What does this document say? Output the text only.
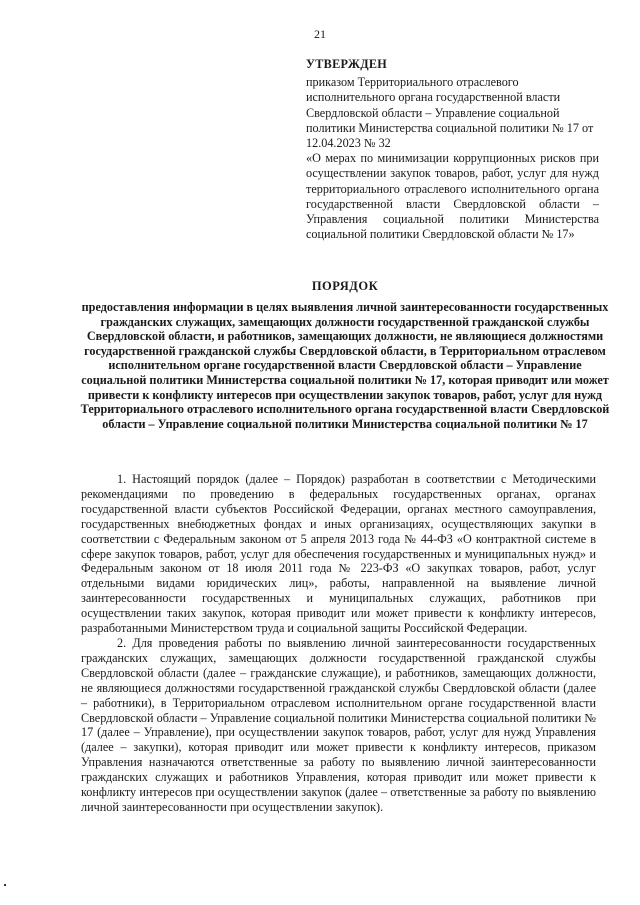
21
УТВЕРЖДЕН
приказом Территориального отраслевого исполнительного органа государственной власти Свердловской области – Управление социальной политики Министерства социальной политики № 17 от 12.04.2023 № 32
«О мерах по минимизации коррупционных рисков при осуществлении закупок товаров, работ, услуг для нужд территориального отраслевого исполнительного органа государственной власти Свердловской области – Управления социальной политики Министерства социальной политики Свердловской области № 17»
ПОРЯДОК
предоставления информации в целях выявления личной заинтересованности государственных гражданских служащих, замещающих должности государственной гражданской службы Свердловской области, и работников, замещающих должности, не являющиеся должностями государственной гражданской службы Свердловской области, в Территориальном отраслевом исполнительном органе государственной власти Свердловской области – Управление социальной политики Министерства социальной политики № 17, которая приводит или может привести к конфликту интересов при осуществлении закупок товаров, работ, услуг для нужд Территориального отраслевого исполнительного органа государственной власти Свердловской области – Управление социальной политики Министерства социальной политики № 17

1. Настоящий порядок (далее – Порядок) разработан в соответствии с Методическими рекомендациями по проведению в федеральных государственных органах, органах государственной власти субъектов Российской Федерации, органах местного самоуправления, государственных внебюджетных фондах и иных организациях, осуществляющих закупки в соответствии с Федеральным законом от 5 апреля 2013 года № 44-ФЗ «О контрактной системе в сфере закупок товаров, работ, услуг для обеспечения государственных и муниципальных нужд» и Федеральным законом от 18 июля 2011 года № 223-ФЗ «О закупках товаров, работ, услуг отдельными видами юридических лиц», работы, направленной на выявление личной заинтересованности государственных и муниципальных служащих, работников при осуществлении таких закупок, которая приводит или может привести к конфликту интересов, разработанными Министерством труда и социальной защиты Российской Федерации.

2. Для проведения работы по выявлению личной заинтересованности государственных гражданских служащих, замещающих должности государственной гражданской службы Свердловской области (далее – гражданские служащие), и работников, замещающих должности, не являющиеся должностями государственной гражданской службы Свердловской области (далее – работники), в Территориальном отраслевом исполнительном органе государственной власти Свердловской области – Управление социальной политики Министерства социальной политики № 17 (далее – Управление), при осуществлении закупок товаров, работ, услуг для нужд Управления (далее – закупки), которая приводит или может привести к конфликту интересов, приказом Управления назначаются ответственные за работу по выявлению личной заинтересованности гражданских служащих и работников Управления, которая приводит или может привести к конфликту интересов при осуществлении закупок (далее – ответственные за работу по выявлению личной заинтересованности при осуществлении закупок).
